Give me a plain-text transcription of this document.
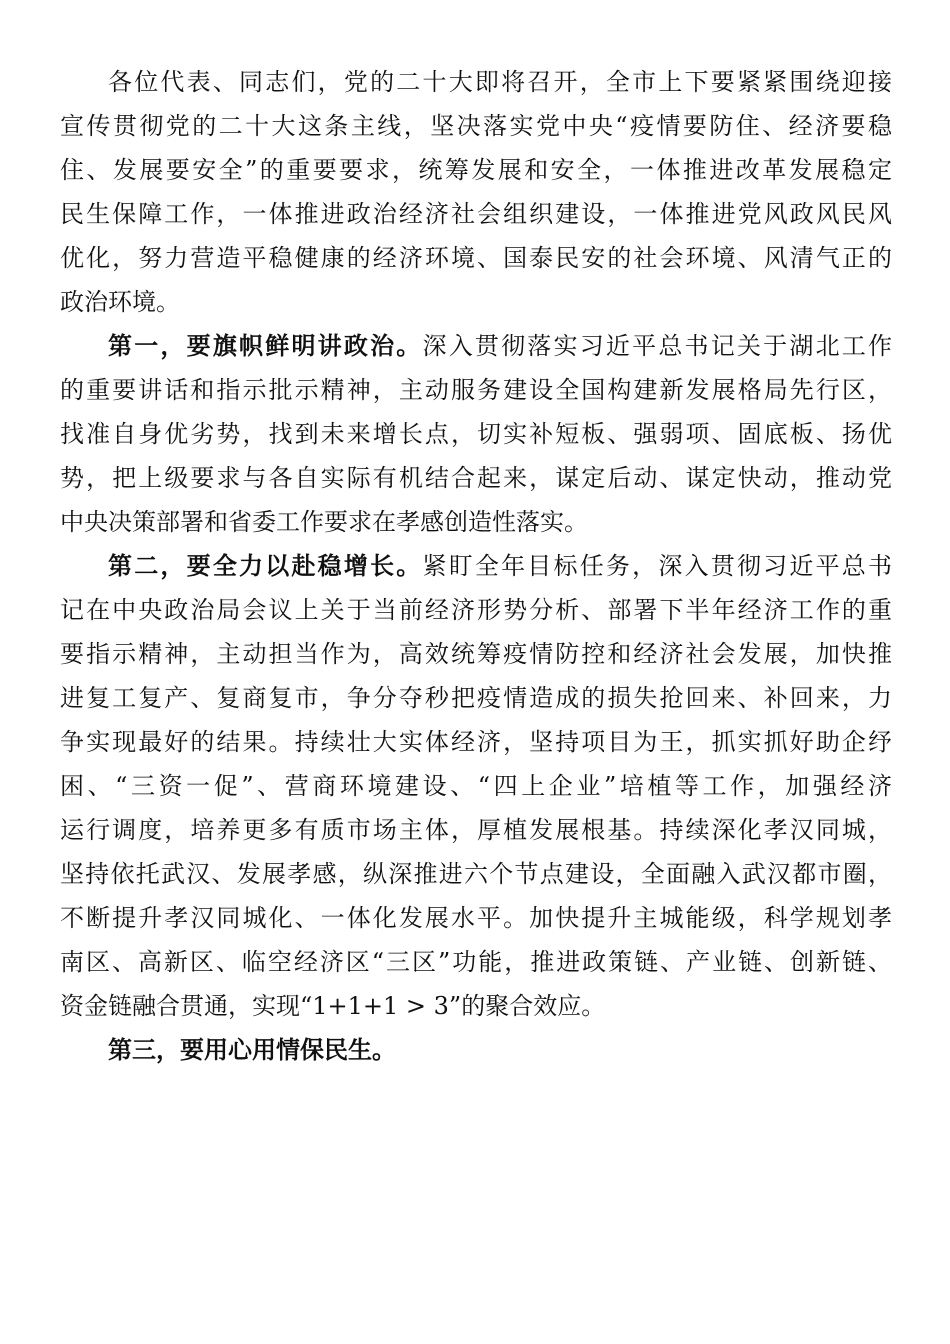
各位代表、同志们，党的二十大即将召开，全市上下要紧紧围绕迎接
宣传贯彻党的二十大这条主线，坚决落实党中央“疫情要防住、经济要稳
住、发展要安全”的重要要求，统筹发展和安全，一体推进改革发展稳定
民生保障工作，一体推进政治经济社会组织建设，一体推进党风政风民风
优化，努力营造平稳健康的经济环境、国泰民安的社会环境、风清气正的
政治环境。
第一，要旗帜鲜明讲政治。深入贯彻落实习近平总书记关于湖北工作
的重要讲话和指示批示精神，主动服务建设全国构建新发展格局先行区，
找准自身优劣势，找到未来增长点，切实补短板、强弱项、固底板、扬优
势，把上级要求与各自实际有机结合起来，谋定后动、谋定快动，推动党
中央决策部署和省委工作要求在孝感创造性落实。
第二，要全力以赴稳增长。紧盯全年目标任务，深入贯彻习近平总书
记在中央政治局会议上关于当前经济形势分析、部署下半年经济工作的重
要指示精神，主动担当作为，高效统筹疫情防控和经济社会发展，加快推
进复工复产、复商复市，争分夺秒把疫情造成的损失抢回来、补回来，力
争实现最好的结果。持续壮大实体经济，坚持项目为王，抓实抓好助企纾
困、“三资一促”、营商环境建设、“四上企业”培植等工作，加强经济
运行调度，培养更多有质市场主体，厚植发展根基。持续深化孝汉同城，
坚持依托武汉、发展孝感，纵深推进六个节点建设，全面融入武汉都市圈，
不断提升孝汉同城化、一体化发展水平。加快提升主城能级，科学规划孝
南区、高新区、临空经济区“三区”功能，推进政策链、产业链、创新链、
资金链融合贯通，实现“1+1+1 > 3”的聚合效应。
第三，要用心用情保民生。
